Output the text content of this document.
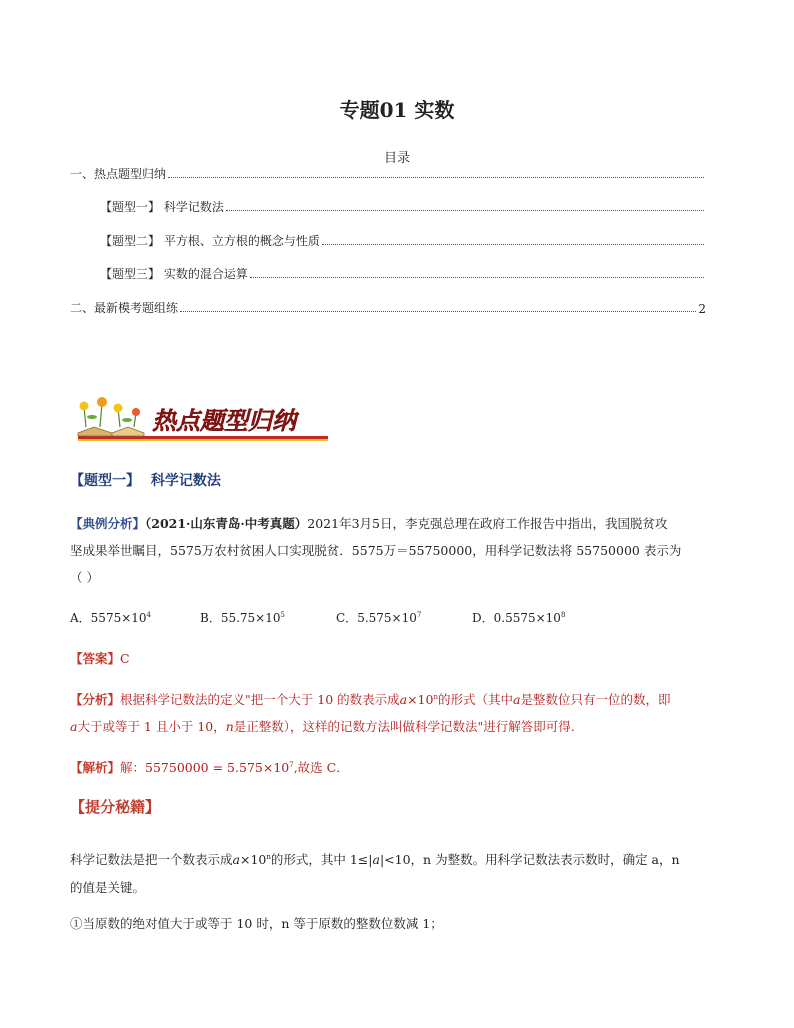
专题01 实数
目录
一、热点题型归纳
【题型一】 科学记数法
【题型二】 平方根、立方根的概念与性质
【题型三】 实数的混合运算
二、最新模考题组练	2
热点题型归纳
【题型一】 科学记数法
【典例分析】（2021·山东青岛·中考真题）2021年3月5日，李克强总理在政府工作报告中指出，我国脱贫攻
坚成果举世瞩目，5575万农村贫困人口实现脱贫．5575万＝55750000，用科学记数法将 55750000 表示为
（ ）
A．$5575\times 10^4$	B．$55.75\times 10^5$	C．$5.575\times 10^7$	D．$0.5575\times 10^8$
【答案】C
【分析】根据科学记数法的定义"把一个大于 10 的数表示成$a\times 10^n$的形式（其中a是整数位只有一位的数，即
a大于或等于 1 且小于 10，n是正整数），这样的记数方法叫做科学记数法"进行解答即可得.
【解析】解：$55750000 = 5.575\times 10^7$,故选 C．
【提分秘籍】
科学记数法是把一个数表示成$a\times 10^n$的形式，其中 1≤|a|<10，n 为整数。用科学记数法表示数时，确定 a，n
的值是关键。
①当原数的绝对值大于或等于 10 时，n 等于原数的整数位数减 1；
